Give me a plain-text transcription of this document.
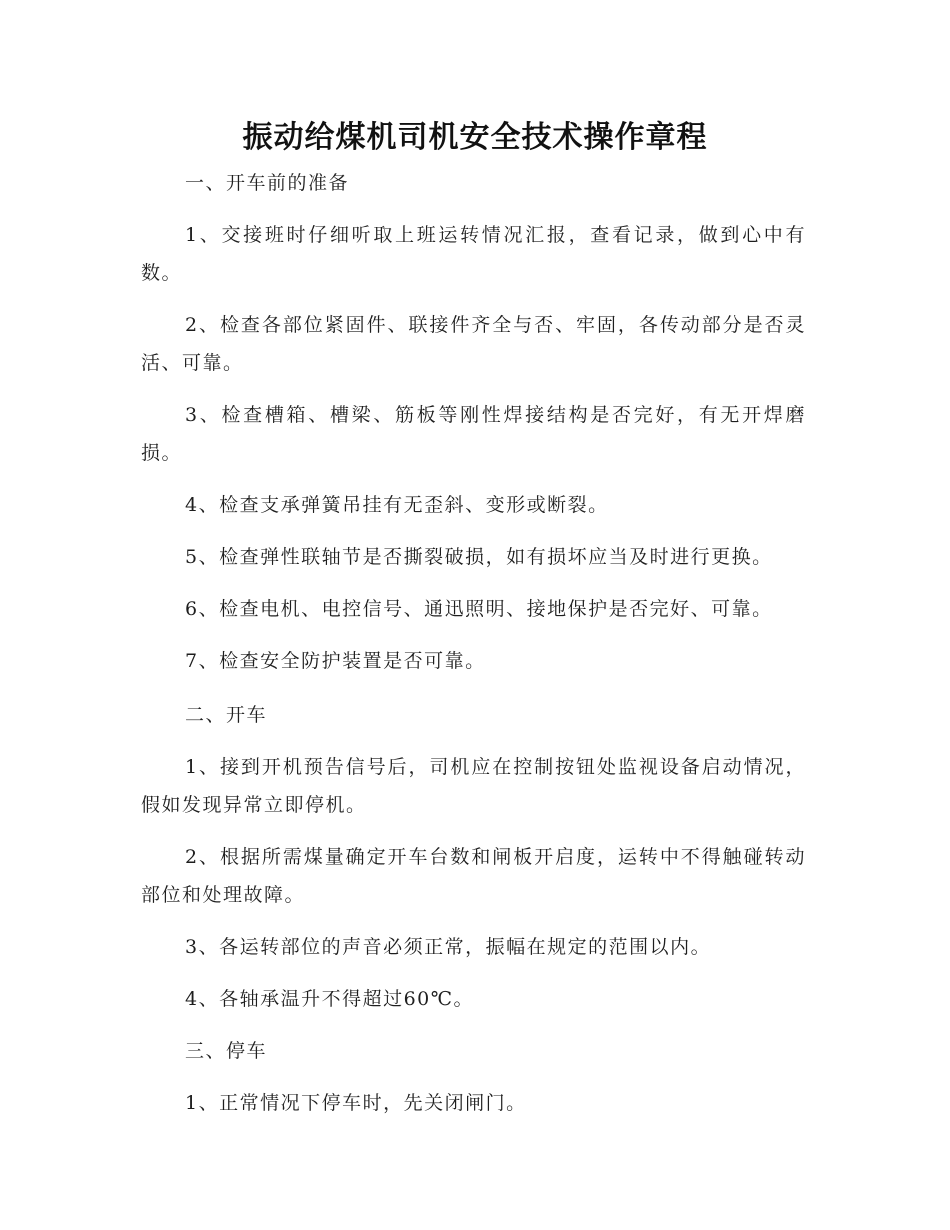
振动给煤机司机安全技术操作章程
一、开车前的准备
1、交接班时仔细听取上班运转情况汇报，查看记录，做到心中有数。
2、检查各部位紧固件、联接件齐全与否、牢固，各传动部分是否灵活、可靠。
3、检查槽箱、槽梁、筋板等刚性焊接结构是否完好，有无开焊磨损。
4、检查支承弹簧吊挂有无歪斜、变形或断裂。
5、检查弹性联轴节是否撕裂破损，如有损坏应当及时进行更换。
6、检查电机、电控信号、通迅照明、接地保护是否完好、可靠。
7、检查安全防护装置是否可靠。
二、开车
1、接到开机预告信号后，司机应在控制按钮处监视设备启动情况，假如发现异常立即停机。
2、根据所需煤量确定开车台数和闸板开启度，运转中不得触碰转动部位和处理故障。
3、各运转部位的声音必须正常，振幅在规定的范围以内。
4、各轴承温升不得超过60℃。
三、停车
1、正常情况下停车时，先关闭闸门。
